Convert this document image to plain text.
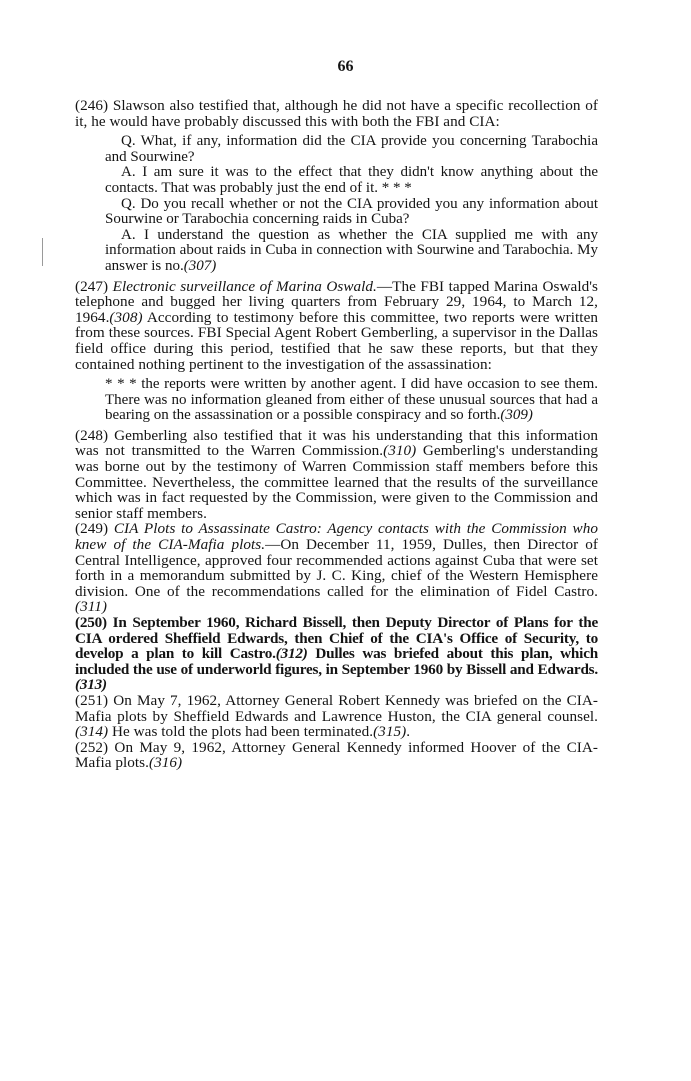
66

(246) Slawson also testified that, although he did not have a specific recollection of it, he would have probably discussed this with both the FBI and CIA:

Q. What, if any, information did the CIA provide you concerning Tarabochia and Sourwine?

A. I am sure it was to the effect that they didn't know anything about the contacts. That was probably just the end of it. * * *

Q. Do you recall whether or not the CIA provided you any information about Sourwine or Tarabochia concerning raids in Cuba?

A. I understand the question as whether the CIA supplied me with any information about raids in Cuba in connection with Sourwine and Tarabochia. My answer is no.(307)

(247) Electronic surveillance of Marina Oswald.—The FBI tapped Marina Oswald's telephone and bugged her living quarters from February 29, 1964, to March 12, 1964.(308) According to testimony before this committee, two reports were written from these sources. FBI Special Agent Robert Gemberling, a supervisor in the Dallas field office during this period, testified that he saw these reports, but that they contained nothing pertinent to the investigation of the assassination:

* * * the reports were written by another agent. I did have occasion to see them. There was no information gleaned from either of these unusual sources that had a bearing on the assassination or a possible conspiracy and so forth.(309)

(248) Gemberling also testified that it was his understanding that this information was not transmitted to the Warren Commission.(310) Gemberling's understanding was borne out by the testimony of Warren Commission staff members before this Committee. Nevertheless, the committee learned that the results of the surveillance which was in fact requested by the Commission, were given to the Commission and senior staff members.

(249) CIA Plots to Assassinate Castro: Agency contacts with the Commission who knew of the CIA-Mafia plots.—On December 11, 1959, Dulles, then Director of Central Intelligence, approved four recommended actions against Cuba that were set forth in a memorandum submitted by J. C. King, chief of the Western Hemisphere division. One of the recommendations called for the elimination of Fidel Castro.(311)

(250) In September 1960, Richard Bissell, then Deputy Director of Plans for the CIA ordered Sheffield Edwards, then Chief of the CIA's Office of Security, to develop a plan to kill Castro.(312) Dulles was briefed about this plan, which included the use of underworld figures, in September 1960 by Bissell and Edwards.(313)

(251) On May 7, 1962, Attorney General Robert Kennedy was briefed on the CIA-Mafia plots by Sheffield Edwards and Lawrence Huston, the CIA general counsel.(314) He was told the plots had been terminated.(315).

(252) On May 9, 1962, Attorney General Kennedy informed Hoover of the CIA-Mafia plots.(316)
